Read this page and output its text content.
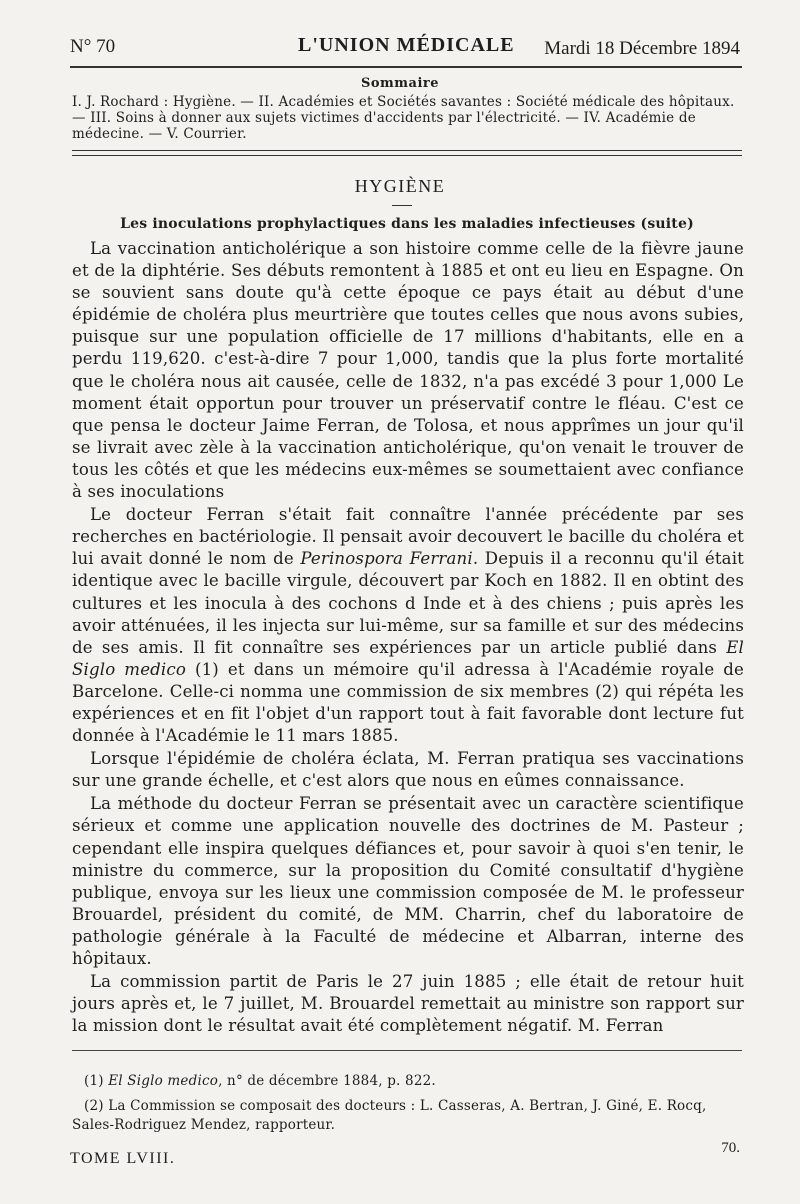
N° 70	L'UNION MÉDICALE Mardi 18 Décembre 1894
Sommaire
I. J. Rochard : Hygiène. — II. Académies et Sociétés savantes : Société médicale des hôpitaux. — III. Soins à donner aux sujets victimes d'accidents par l'électricité. — IV. Académie de médecine. — V. Courrier.
HYGIÈNE
Les inoculations prophylactiques dans les maladies infectieuses (suite)

La vaccination anticholérique a son histoire comme celle de la fièvre jaune et de la diphtérie. Ses débuts remontent à 1885 et ont eu lieu en Espagne. On se souvient sans doute qu'à cette époque ce pays était au début d'une épidémie de choléra plus meurtrière que toutes celles que nous avons subies, puisque sur une population officielle de 17 millions d'habitants, elle en a perdu 119,620. c'est-à-dire 7 pour 1,000, tandis que la plus forte mortalité que le choléra nous ait causée, celle de 1832, n'a pas excédé 3 pour 1,000 Le moment était opportun pour trouver un préservatif contre le fléau. C'est ce que pensa le docteur Jaime Ferran, de Tolosa, et nous apprîmes un jour qu'il se livrait avec zèle à la vaccination anticholérique, qu'on venait le trouver de tous les côtés et que les médecins eux-mêmes se soumettaient avec confiance à ses inoculations

Le docteur Ferran s'était fait connaître l'année précédente par ses recherches en bactériologie. Il pensait avoir decouvert le bacille du choléra et lui avait donné le nom de Perinospora Ferrani. Depuis il a reconnu qu'il était identique avec le bacille virgule, découvert par Koch en 1882. Il en obtint des cultures et les inocula à des cochons d Inde et à des chiens ; puis après les avoir atténuées, il les injecta sur lui-même, sur sa famille et sur des médecins de ses amis. Il fit connaître ses expériences par un article publié dans El Siglo medico (1) et dans un mémoire qu'il adressa à l'Académie royale de Barcelone. Celle-ci nomma une commission de six membres (2) qui répéta les expériences et en fit l'objet d'un rapport tout à fait favorable dont lecture fut donnée à l'Académie le 11 mars 1885.

Lorsque l'épidémie de choléra éclata, M. Ferran pratiqua ses vaccinations sur une grande échelle, et c'est alors que nous en eûmes connaissance.

La méthode du docteur Ferran se présentait avec un caractère scientifique sérieux et comme une application nouvelle des doctrines de M. Pasteur ; cependant elle inspira quelques défiances et, pour savoir à quoi s'en tenir, le ministre du commerce, sur la proposition du Comité consultatif d'hygiène publique, envoya sur les lieux une commission composée de M. le professeur Brouardel, président du comité, de MM. Charrin, chef du laboratoire de pathologie générale à la Faculté de médecine et Albarran, interne des hôpitaux.

La commission partit de Paris le 27 juin 1885 ; elle était de retour huit jours après et, le 7 juillet, M. Brouardel remettait au ministre son rapport sur la mission dont le résultat avait été complètement négatif. M. Ferran

(1) El Siglo medico, n° de décembre 1884, p. 822.

(2) La Commission se composait des docteurs : L. Casseras, A. Bertran, J. Giné, E. Rocq, Sales-Rodriguez Mendez, rapporteur.

TOME LVIII.
70.
